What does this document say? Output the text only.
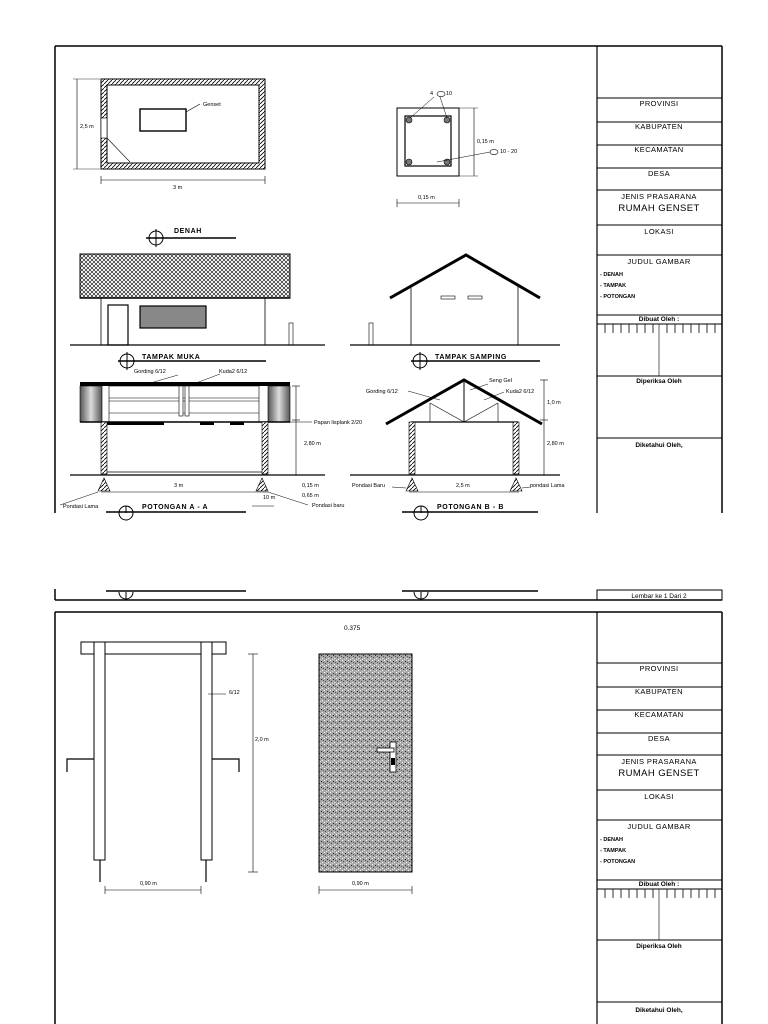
Genset
2,5 m
3 m
DENAH
4 10
0,15 m
10 - 20
0,15 m
TAMPAK MUKA	TAMPAK SAMPING
Gording 6/12	Kuda2 6/12
Papan lisplank 2/20
2,80 m
3 m	0,15 m
0,65 m
10 m
Pondasi Lama	Pondasi baru
POTONGAN A - A
Seng Gel
Gording 6/12	Kuda2 6/12
1,0 m
2,80 m
2,5 m
Pondasi Baru	pondasi Lama
POTONGAN B - B
PROVINSI
KABUPATEN
KECAMATAN
DESA
JENIS PRASARANA
RUMAH GENSET
LOKASI
JUDUL GAMBAR
- DENAH
- TAMPAK
- POTONGAN
Dibuat Oleh :
Diperiksa Oleh
Diketahui Oleh,
Lembar ke 1 Dari 2
6/12
2,0 m
0,90 m
0.375
0,90 m
PROVINSI
KABUPATEN
KECAMATAN
DESA
JENIS PRASARANA
RUMAH GENSET
LOKASI
JUDUL GAMBAR
- DENAH
- TAMPAK
- POTONGAN
Dibuat Oleh :
Diperiksa Oleh
Diketahui Oleh,
